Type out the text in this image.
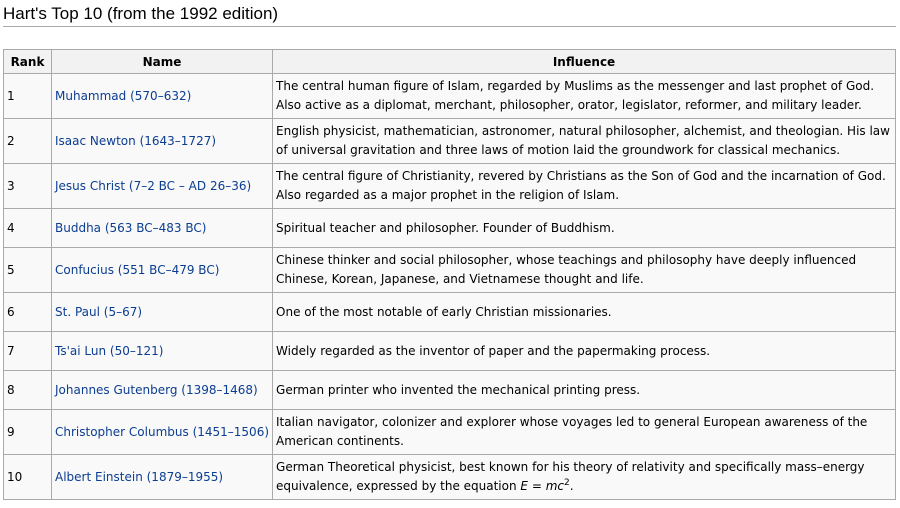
Hart's Top 10 (from the 1992 edition)
Rank	Name	Influence
1	Muhammad (570–632)	The central human figure of Islam, regarded by Muslims as the messenger and last prophet of God. Also active as a diplomat, merchant, philosopher, orator, legislator, reformer, and military leader.
2	Isaac Newton (1643–1727)	English physicist, mathematician, astronomer, natural philosopher, alchemist, and theologian. His law of universal gravitation and three laws of motion laid the groundwork for classical mechanics.
3	Jesus Christ (7–2 BC – AD 26–36)	The central figure of Christianity, revered by Christians as the Son of God and the incarnation of God. Also regarded as a major prophet in the religion of Islam.
4	Buddha (563 BC–483 BC)	Spiritual teacher and philosopher. Founder of Buddhism.
5	Confucius (551 BC–479 BC)	Chinese thinker and social philosopher, whose teachings and philosophy have deeply influenced Chinese, Korean, Japanese, and Vietnamese thought and life.
6	St. Paul (5–67)	One of the most notable of early Christian missionaries.
7	Ts'ai Lun (50–121)	Widely regarded as the inventor of paper and the papermaking process.
8	Johannes Gutenberg (1398–1468)	German printer who invented the mechanical printing press.
9	Christopher Columbus (1451–1506)	Italian navigator, colonizer and explorer whose voyages led to general European awareness of the American continents.
10	Albert Einstein (1879–1955)	German Theoretical physicist, best known for his theory of relativity and specifically mass–energy equivalence, expressed by the equation $E = mc^2$.
